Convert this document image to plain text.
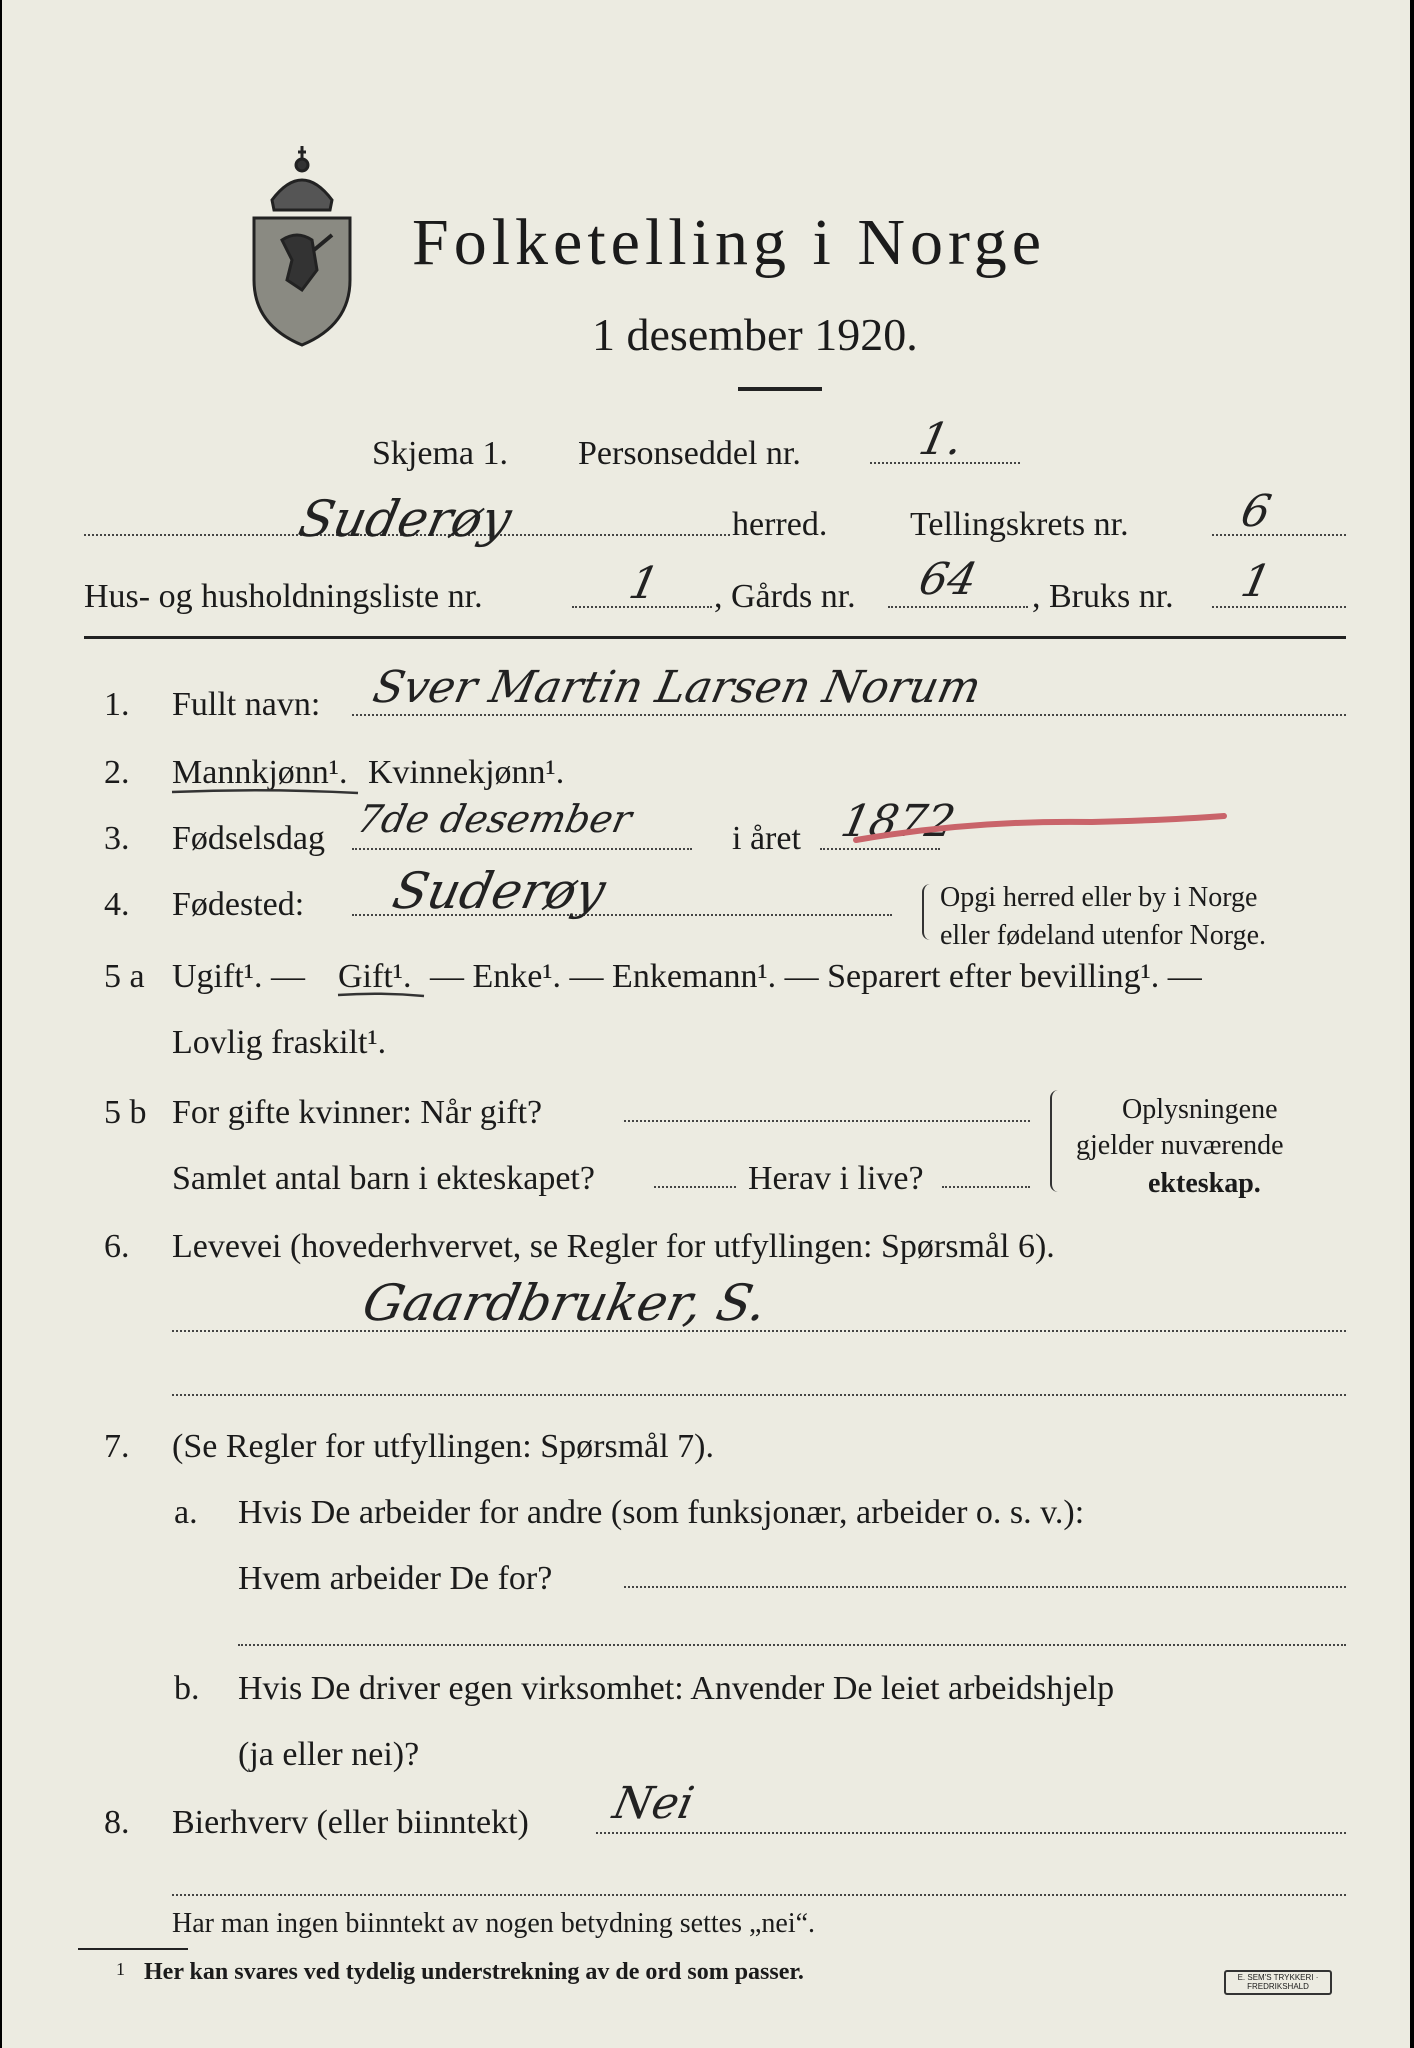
Folketelling i Norge
1 desember 1920.
Skjema 1. Personseddel nr.	1.
Suderøy	herred. Tellingskrets nr. 6
Hus- og husholdningsliste nr.	1 , Gårds nr. 64 , Bruks nr. 1
1. Fullt navn: Sver Martin Larsen Norum
2. Mannkjønn¹. Kvinnekjønn¹.
3. Fødselsdag 7de desember	i året 1872
4. Fødested: Suderøy	Opgi herred eller by i Norge
eller fødeland utenfor Norge.
5 a Ugift¹. — Gift¹. — Enke¹. — Enkemann¹. — Separert efter bevilling¹. —
Lovlig fraskilt¹.
5 b For gifte kvinner: Når gift?
Samlet antal barn i ekteskapet?	Herav i live?
Oplysningene
gjelder nuværende
ekteskap.
6. Levevei (hovederhvervet, se Regler for utfyllingen: Spørsmål 6).
Gaardbruker, S.
7. (Se Regler for utfyllingen: Spørsmål 7).
a. Hvis De arbeider for andre (som funksjonær, arbeider o. s. v.):
Hvem arbeider De for?
b. Hvis De driver egen virksomhet: Anvender De leiet arbeidshjelp
(ja eller nei)?
8. Bierhverv (eller biinntekt) Nei
Har man ingen biinntekt av nogen betydning settes „nei“.
1 Her kan svares ved tydelig understrekning av de ord som passer.	E. SEM'S TRYKKERI · FREDRIKSHALD
